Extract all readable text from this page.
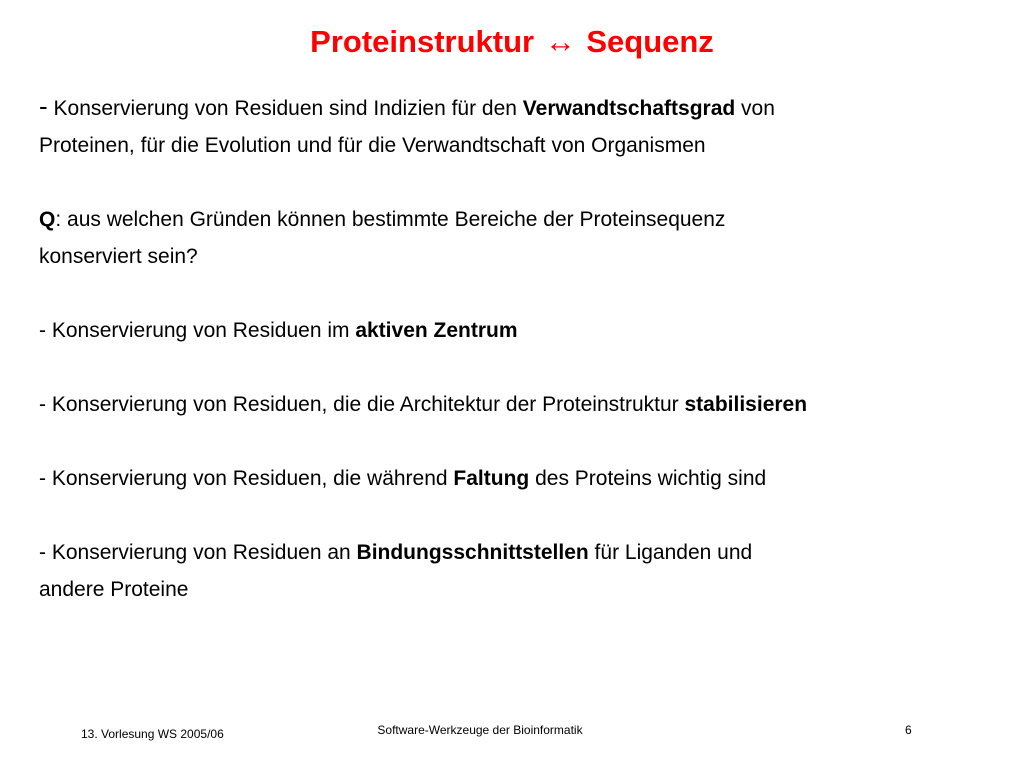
Proteinstruktur ↔ Sequenz
- Konservierung von Residuen sind Indizien für den Verwandtschaftsgrad von
Proteinen, für die Evolution und für die Verwandtschaft von Organismen
Q: aus welchen Gründen können bestimmte Bereiche der Proteinsequenz
konserviert sein?
- Konservierung von Residuen im aktiven Zentrum
- Konservierung von Residuen, die die Architektur der Proteinstruktur stabilisieren
- Konservierung von Residuen, die während Faltung des Proteins wichtig sind
- Konservierung von Residuen an Bindungsschnittstellen für Liganden und
andere Proteine
13. Vorlesung WS 2005/06	Software-Werkzeuge der Bioinformatik	6
